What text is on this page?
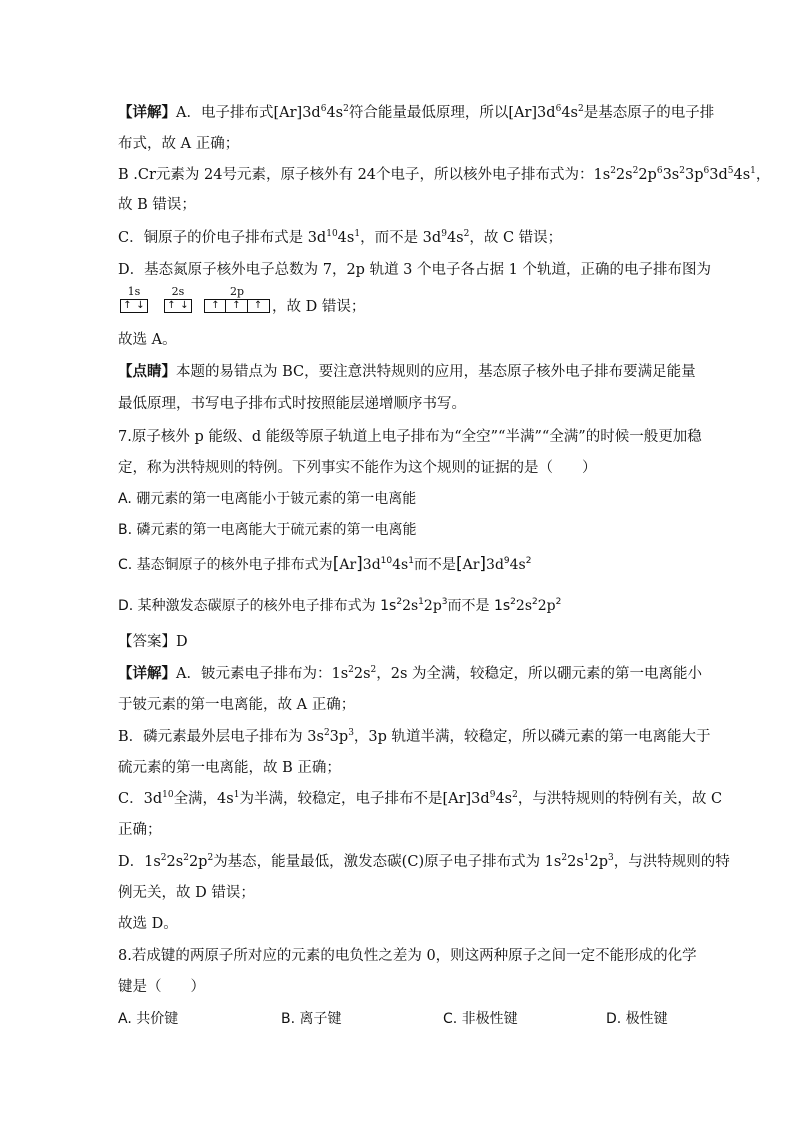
【详解】A．电子排布式$[Ar]3d^64s^2$符合能量最低原理，所以$[Ar]3d^64s^2$是基态原子的电子排
布式，故 A 正确；
B .Cr元素为 24号元素，原子核外有 24个电子，所以核外电子排布式为：$1s^22s^22p^63s^23p^63d^54s^1$，
故 B 错误；
C．铜原子的价电子排布式是 $3d^{10}4s^1$，而不是 $3d^94s^2$，故 C 错误；
D．基态氮原子核外电子总数为 7，2p 轨道 3 个电子各占据 1 个轨道，正确的电子排布图为
1s
↑ ↓
2s
↑ ↓
2p
↑ ↑ ↑ ，故 D 错误；
故选 A。
【点睛】本题的易错点为 BC，要注意洪特规则的应用，基态原子核外电子排布要满足能量
最低原理，书写电子排布式时按照能层递增顺序书写。
7.原子核外 p 能级、d 能级等原子轨道上电子排布为“全空”“半满”“全满”的时候一般更加稳
定，称为洪特规则的特例。下列事实不能作为这个规则的证据的是（　　）
A. 硼元素的第一电离能小于铍元素的第一电离能
B. 磷元素的第一电离能大于硫元素的第一电离能
C. 基态铜原子的核外电子排布式为$[Ar]3d^{10}4s^1$而不是$[Ar]3d^94s^2$
D. 某种激发态碳原子的核外电子排布式为 $1s^22s^12p^3$而不是 $1s^22s^22p^2$
【答案】D
【详解】A．铍元素电子排布为：$1s^22s^2$，2s 为全满，较稳定，所以硼元素的第一电离能小
于铍元素的第一电离能，故 A 正确；
B．磷元素最外层电子排布为 $3s^23p^3$，3p 轨道半满，较稳定，所以磷元素的第一电离能大于
硫元素的第一电离能，故 B 正确；
C．$3d^{10}$全满，$4s^1$为半满，较稳定，电子排布不是$[Ar]3d^94s^2$，与洪特规则的特例有关，故 C
正确；
D．$1s^22s^22p^2$为基态，能量最低，激发态碳(C)原子电子排布式为 $1s^22s^12p^3$，与洪特规则的特
例无关，故 D 错误；
故选 D。
8.若成键的两原子所对应的元素的电负性之差为 0，则这两种原子之间一定不能形成的化学
键是（　　）
A. 共价键	B. 离子键	C. 非极性键	D. 极性键
